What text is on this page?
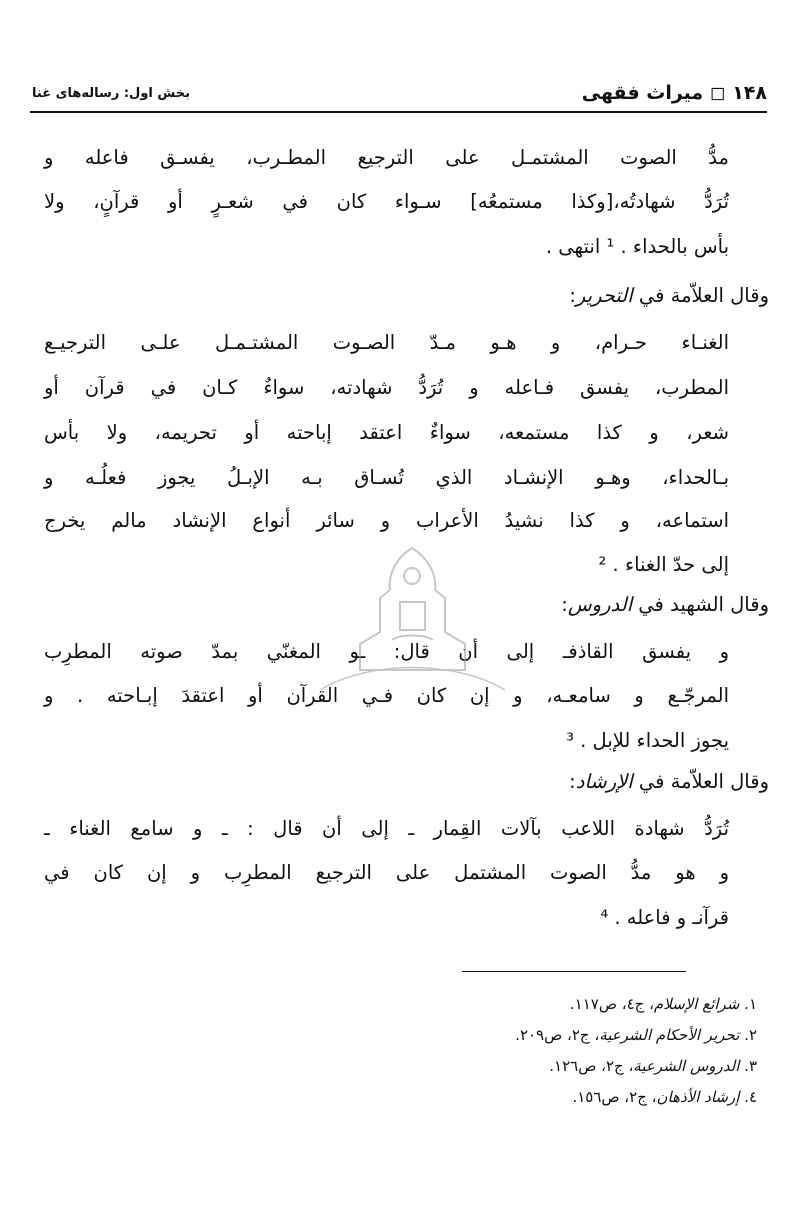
۱۴۸ ◻ میراث فقهی
بخش اول: رساله‌های غنا
مدُّ الصوت المشتمـل على الترجيع المطـرب، يفسـق فاعله و
تُرَدُّ شهادتُه،[وكذا مستمعُه] سـواء كان في شعـرٍ أو قرآنٍ، ولا
بأس بالحداء . ¹ انتهى .
وقال العلاّمة في التحرير:
الغنـاء حـرام، و هـو مـدّ الصـوت المشتـمـل علـى الترجيـع
المطرب، يفسق فـاعله و تُرَدُّ شهادته، سواءٌ كـان في قرآن أو
شعر، و كذا مستمعه، سواءٌ اعتقد إباحته أو تحريمه، ولا بأس
بـالحداء، وهـو الإنشـاد الذي تُسـاق بـه الإبـلُ يجوز فعلُـه و
استماعه، و كذا نشيدُ الأعراب و سائر أنواع الإنشاد مالم يخرج
إلى حدّ الغناء . ²
وقال الشهيد في الدروس:
و يفسق القاذفـ إلى أن قال: ـو المغنّي بمدّ صوته المطرِب
المرجّـع و سامعـه، و إن كان فـي القرآن أو اعتقدَ إبـاحته . و
يجوز الحداء للإبل . ³
وقال العلاّمة في الإرشاد:
تُرَدُّ شهادة اللاعب بآلات القِمار ـ إلى أن قال : ـ و سامع الغناء ـ
و هو مدُّ الصوت المشتمل على الترجيع المطرِب و إن كان في
قرآنـ و فاعله . ⁴
١. شرائع الإسلام، ج٤، ص١١٧.
٢. تحرير الأحكام الشرعية، ج٢، ص٢٠٩.
٣. الدروس الشرعية، ج٢، ص١٢٦.
٤. إرشاد الأذهان، ج٢، ص١٥٦.
